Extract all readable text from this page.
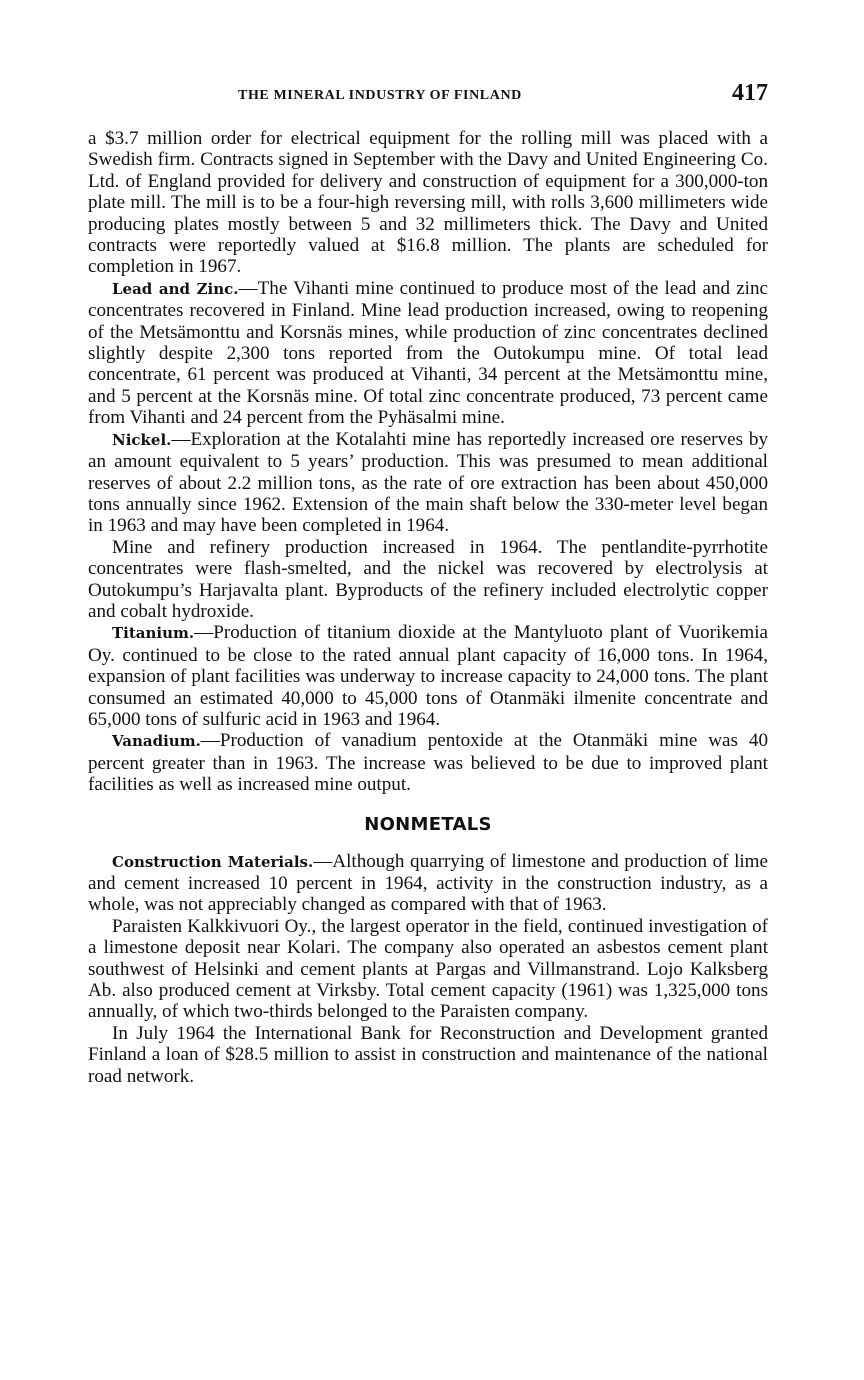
THE MINERAL INDUSTRY OF FINLAND	417

a $3.7 million order for electrical equipment for the rolling mill was placed with a Swedish firm. Contracts signed in September with the Davy and United Engineering Co. Ltd. of England provided for delivery and construction of equipment for a 300,000-ton plate mill. The mill is to be a four-high reversing mill, with rolls 3,600 millimeters wide producing plates mostly between 5 and 32 millimeters thick. The Davy and United contracts were reportedly valued at $16.8 million. The plants are scheduled for completion in 1967.

Lead and Zinc.—The Vihanti mine continued to produce most of the lead and zinc concentrates recovered in Finland. Mine lead production increased, owing to reopening of the Metsämonttu and Korsnäs mines, while production of zinc concentrates declined slightly despite 2,300 tons reported from the Outokumpu mine. Of total lead concentrate, 61 percent was produced at Vihanti, 34 percent at the Metsämonttu mine, and 5 percent at the Korsnäs mine. Of total zinc concentrate produced, 73 percent came from Vihanti and 24 percent from the Pyhäsalmi mine.

Nickel.—Exploration at the Kotalahti mine has reportedly increased ore reserves by an amount equivalent to 5 years’ production. This was presumed to mean additional reserves of about 2.2 million tons, as the rate of ore extraction has been about 450,000 tons annually since 1962. Extension of the main shaft below the 330-meter level began in 1963 and may have been completed in 1964.

Mine and refinery production increased in 1964. The pentlandite-pyrrhotite concentrates were flash-smelted, and the nickel was recovered by electrolysis at Outokumpu’s Harjavalta plant. Byproducts of the refinery included electrolytic copper and cobalt hydroxide.

Titanium.—Production of titanium dioxide at the Mantyluoto plant of Vuorikemia Oy. continued to be close to the rated annual plant capacity of 16,000 tons. In 1964, expansion of plant facilities was underway to increase capacity to 24,000 tons. The plant consumed an estimated 40,000 to 45,000 tons of Otanmäki ilmenite concentrate and 65,000 tons of sulfuric acid in 1963 and 1964.

Vanadium.—Production of vanadium pentoxide at the Otanmäki mine was 40 percent greater than in 1963. The increase was believed to be due to improved plant facilities as well as increased mine output.

NONMETALS

Construction Materials.—Although quarrying of limestone and production of lime and cement increased 10 percent in 1964, activity in the construction industry, as a whole, was not appreciably changed as compared with that of 1963.

Paraisten Kalkkivuori Oy., the largest operator in the field, continued investigation of a limestone deposit near Kolari. The company also operated an asbestos cement plant southwest of Helsinki and cement plants at Pargas and Villmanstrand. Lojo Kalksberg Ab. also produced cement at Virksby. Total cement capacity (1961) was 1,325,000 tons annually, of which two-thirds belonged to the Paraisten company.

In July 1964 the International Bank for Reconstruction and Development granted Finland a loan of $28.5 million to assist in construction and maintenance of the national road network.
